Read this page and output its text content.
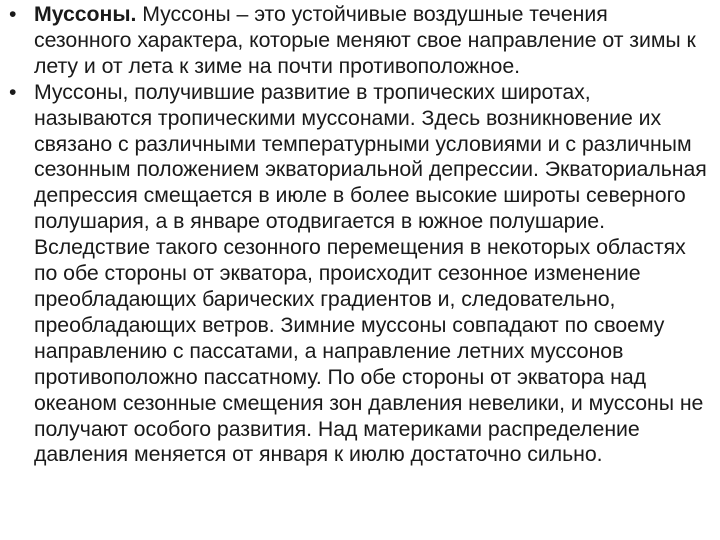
• Муссоны. Муссоны – это устойчивые воздушные течения сезонного характера, которые меняют свое направление от зимы к лету и от лета к зиме на почти противоположное.
• Муссоны, получившие развитие в тропических широтах, называются тропическими муссонами. Здесь возникновение их связано с различными температурными условиями и с различным сезонным положением экваториальной депрессии. Экваториальная депрессия смещается в июле в более высокие широты северного полушария, а в январе отодвигается в южное полушарие. Вследствие такого сезонного перемещения в некоторых областях по обе стороны от экватора, происходит сезонное изменение преобладающих барических градиентов и, следовательно, преобладающих ветров. Зимние муссоны совпадают по своему направлению с пассатами, а направление летних муссонов противоположно пассатному. По обе стороны от экватора над океаном сезонные смещения зон давления невелики, и муссоны не получают особого развития. Над материками распределение давления меняется от января к июлю достаточно сильно.
